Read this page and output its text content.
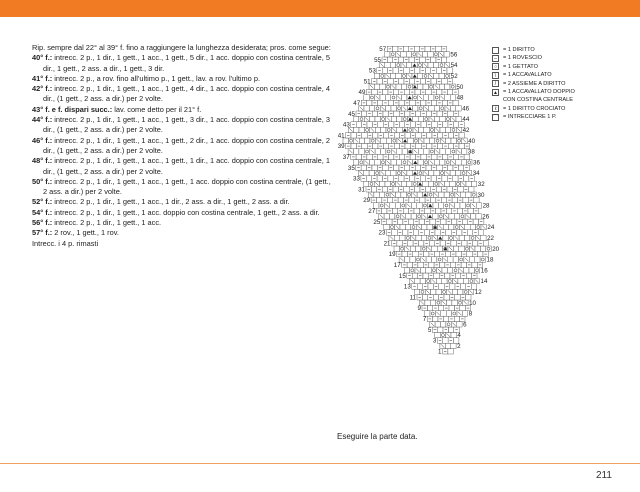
Rip. sempre dal 22° al 39° f. fino a raggiungere la lunghezza desiderata; pros. come segue:

40° f.: intrecc. 2 p., 1 dir., 1 gett., 1 acc., 1 gett., 5 dir., 1 acc. doppio con costina centrale, 5 dir., 1 gett., 2 ass. a dir., 1 gett., 3 dir.

41° f.: intrecc. 2 p., a rov. fino all'ultimo p., 1 gett., lav. a rov. l'ultimo p.

42° f.: intrecc. 2 p., 1 dir., 1 gett., 1 acc., 1 gett., 4 dir., 1 acc. doppio con costina centrale, 4 dir., (1 gett., 2 ass. a dir.) per 2 volte.

43° f. e f. dispari succ.: lav. come detto per il 21° f.

44° f.: intrecc. 2 p., 1 dir., 1 gett., 1 acc., 1 gett., 3 dir., 1 acc. doppio con costina centrale, 3 dir., (1 gett., 2 ass. a dir.) per 2 volte.

46° f.: intrecc. 2 p., 1 dir., 1 gett., 1 acc., 1 gett., 2 dir., 1 acc. doppio con costina centrale, 2 dir., (1 gett., 2 ass. a dir.) per 2 volte.

48° f.: intrecc. 2 p., 1 dir., 1 gett., 1 acc., 1 gett., 1 dir., 1 acc. doppio con costina centrale, 1 dir., (1 gett., 2 ass. a dir.) per 2 volte.

50° f.: intrecc. 2 p., 1 dir., 1 gett., 1 acc., 1 gett., 1 acc. doppio con costina centrale, (1 gett., 2 ass. a dir.) per 2 volte.

52° f.: intrecc. 2 p., 1 dir., 1 gett., 1 acc., 1 dir., 2 ass. a dir., 1 gett., 2 ass. a dir.

54° f.: intrecc. 2 p., 1 dir., 1 gett., 1 acc. doppio con costina centrale, 1 gett., 2 ass. a dir.

56° f.: intrecc. 2 p., 1 dir., 1 gett., 1 acc.

57° f.: 2 rov., 1 gett., 1 rov.

Intrecc. i 4 p. rimasti

1
2
3
4
5
6
7
8
9
10
11
12
13
14
15
16
17
18
19
20
21
22
23
24
25
26
27
28
29
30
31
32
33
34
35
36
37
38
39
40
41
42
43
44
45
46
47
48
49
50
51
52
53
54
55
56
57	= 1 DIRITTO
–	= 1 ROVESCIO
○	= 1 GETTATO
\	= 1 ACCAVALLATO
/	= 2 ASSIEME A DIRITTO
▲ = 1 ACCAVALLATO DOPPIO CON COSTINA CENTRALE
ℓ	= 1 DIRITTO CROCIATO
⌒ = INTRECCIARE 1 P.
Eseguire la parte data.
211
